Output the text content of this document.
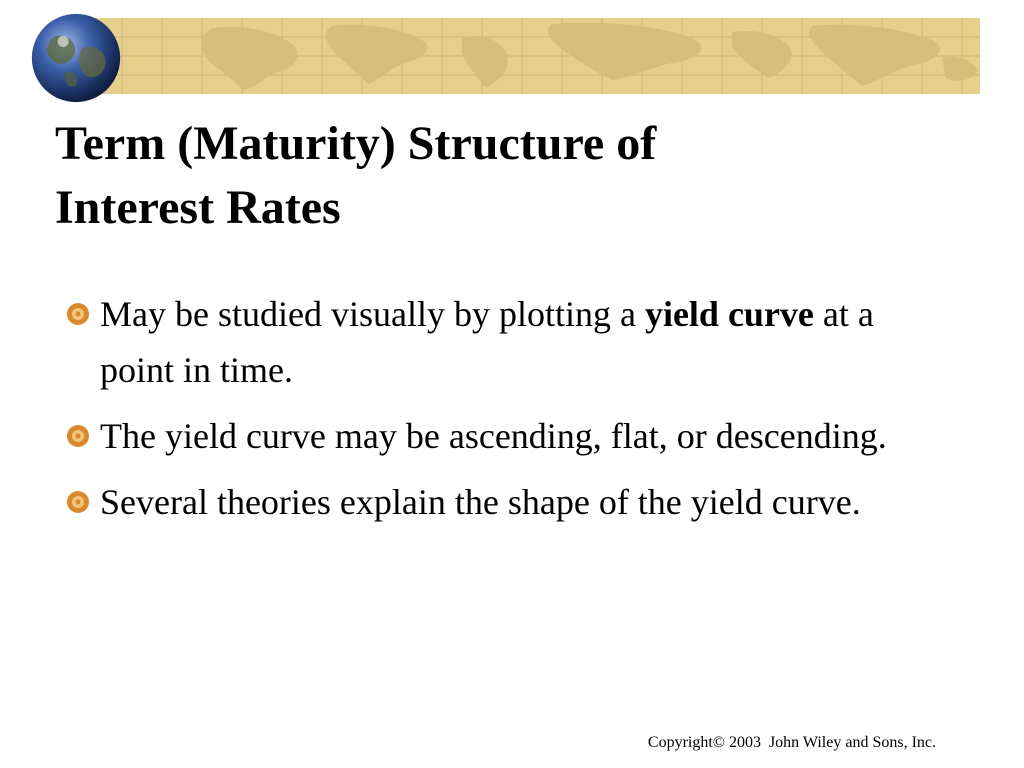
Term (Maturity) Structure of
Interest Rates
May be studied visually by plotting a yield curve at a point in time.
The yield curve may be ascending, flat, or descending.
Several theories explain the shape of the yield curve.
Copyright© 2003  John Wiley and Sons, Inc.
